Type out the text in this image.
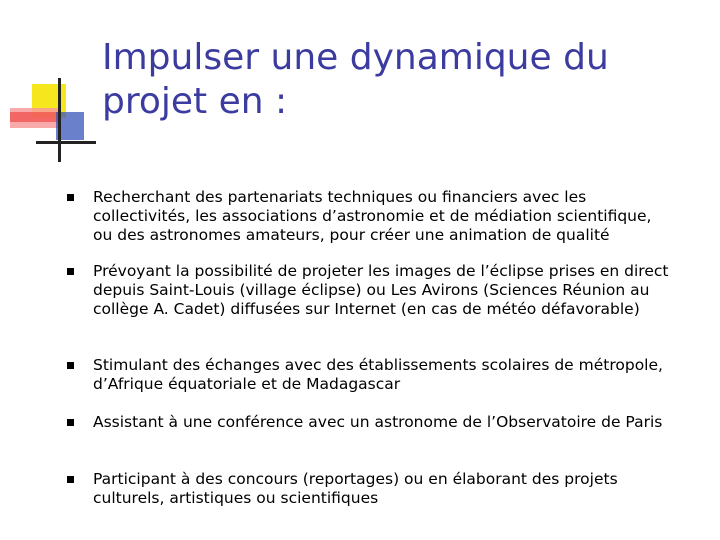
Impulser une dynamique du
projet en :
Recherchant des partenariats techniques ou financiers avec les collectivités, les associations d’astronomie et de médiation scientifique, ou des astronomes amateurs, pour créer une animation de qualité
Prévoyant la possibilité de projeter les images de l’éclipse prises en direct depuis Saint-Louis (village éclipse) ou Les Avirons (Sciences Réunion au collège A. Cadet) diffusées sur Internet (en cas de météo défavorable)
Stimulant des échanges avec des établissements scolaires de métropole, d’Afrique équatoriale et de Madagascar
Assistant à une conférence avec un astronome de l’Observatoire de Paris
Participant à des concours (reportages) ou en élaborant des projets culturels, artistiques ou scientifiques
